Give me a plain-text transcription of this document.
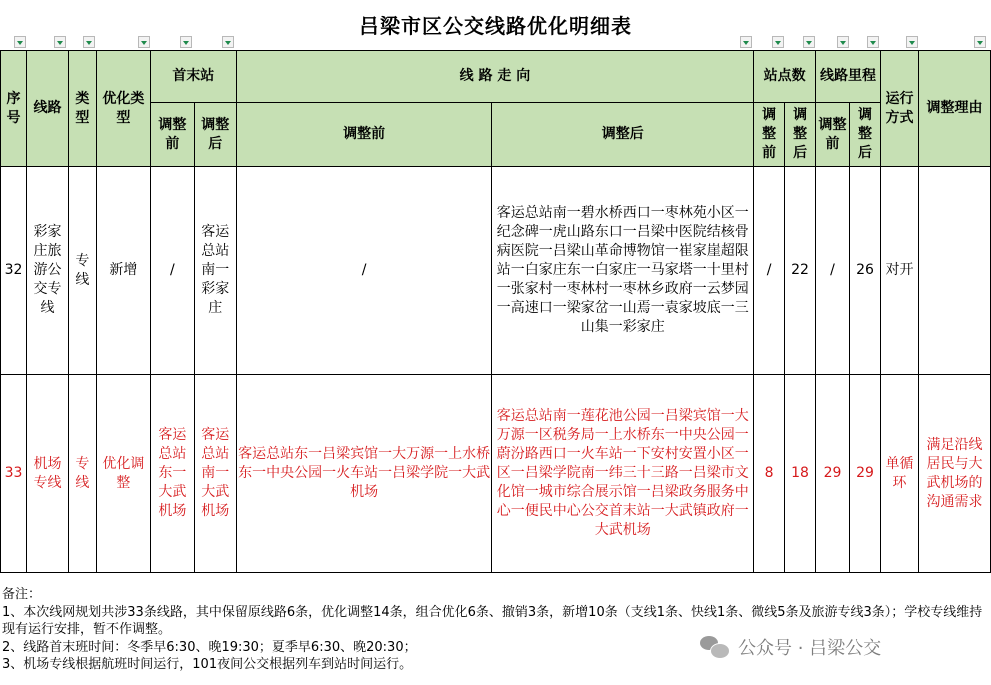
吕梁市区公交线路优化明细表
序号	线路	类型	优化类型	首末站		线 路 走 向		站点数		线路里程		运行方式	调整理由
				调整前	调整后	调整前	调整后	调整前	调整后	调整前	调整后		
32	彩家庄旅游公交专线	专线	新增	/	客运总站南一彩家庄	/	客运总站南一碧水桥西口一枣林苑小区一纪念碑一虎山路东口一吕梁中医院结核骨病医院一吕梁山革命博物馆一崔家崖超限站一白家庄东一白家庄一马家塔一十里村一张家村一枣林村一枣林乡政府一云梦园一高速口一梁家岔一山焉一袁家坡底一三山集一彩家庄	/	22	/	26	对开	
33	机场专线	专线	优化调整	客运总站东一大武机场	客运总站南一大武机场	客运总站东一吕梁宾馆一大万源一上水桥东一中央公园一火车站一吕梁学院一大武机场	客运总站南一莲花池公园一吕梁宾馆一大万源一区税务局一上水桥东一中央公园一蔚汾路西口一火车站一下安村安置小区一区一吕梁学院南一纬三十三路一吕梁市文化馆一城市综合展示馆一吕梁政务服务中心一便民中心公交首末站一大武镇政府一大武机场	8	18	29	29	单循环	满足沿线居民与大武机场的沟通需求
备注：
1、本次线网规划共涉33条线路，其中保留原线路6条，优化调整14条，组合优化6条、撤销3条，新增10条（支线1条、快线1条、微线5条及旅游专线3条）；学校专线维持现有运行安排，暂不作调整。
2、线路首末班时间：冬季早6:30、晚19:30；夏季早6:30、晚20:30；
3、机场专线根据航班时间运行，101夜间公交根据列车到站时间运行。
公众号 · 吕梁公交
